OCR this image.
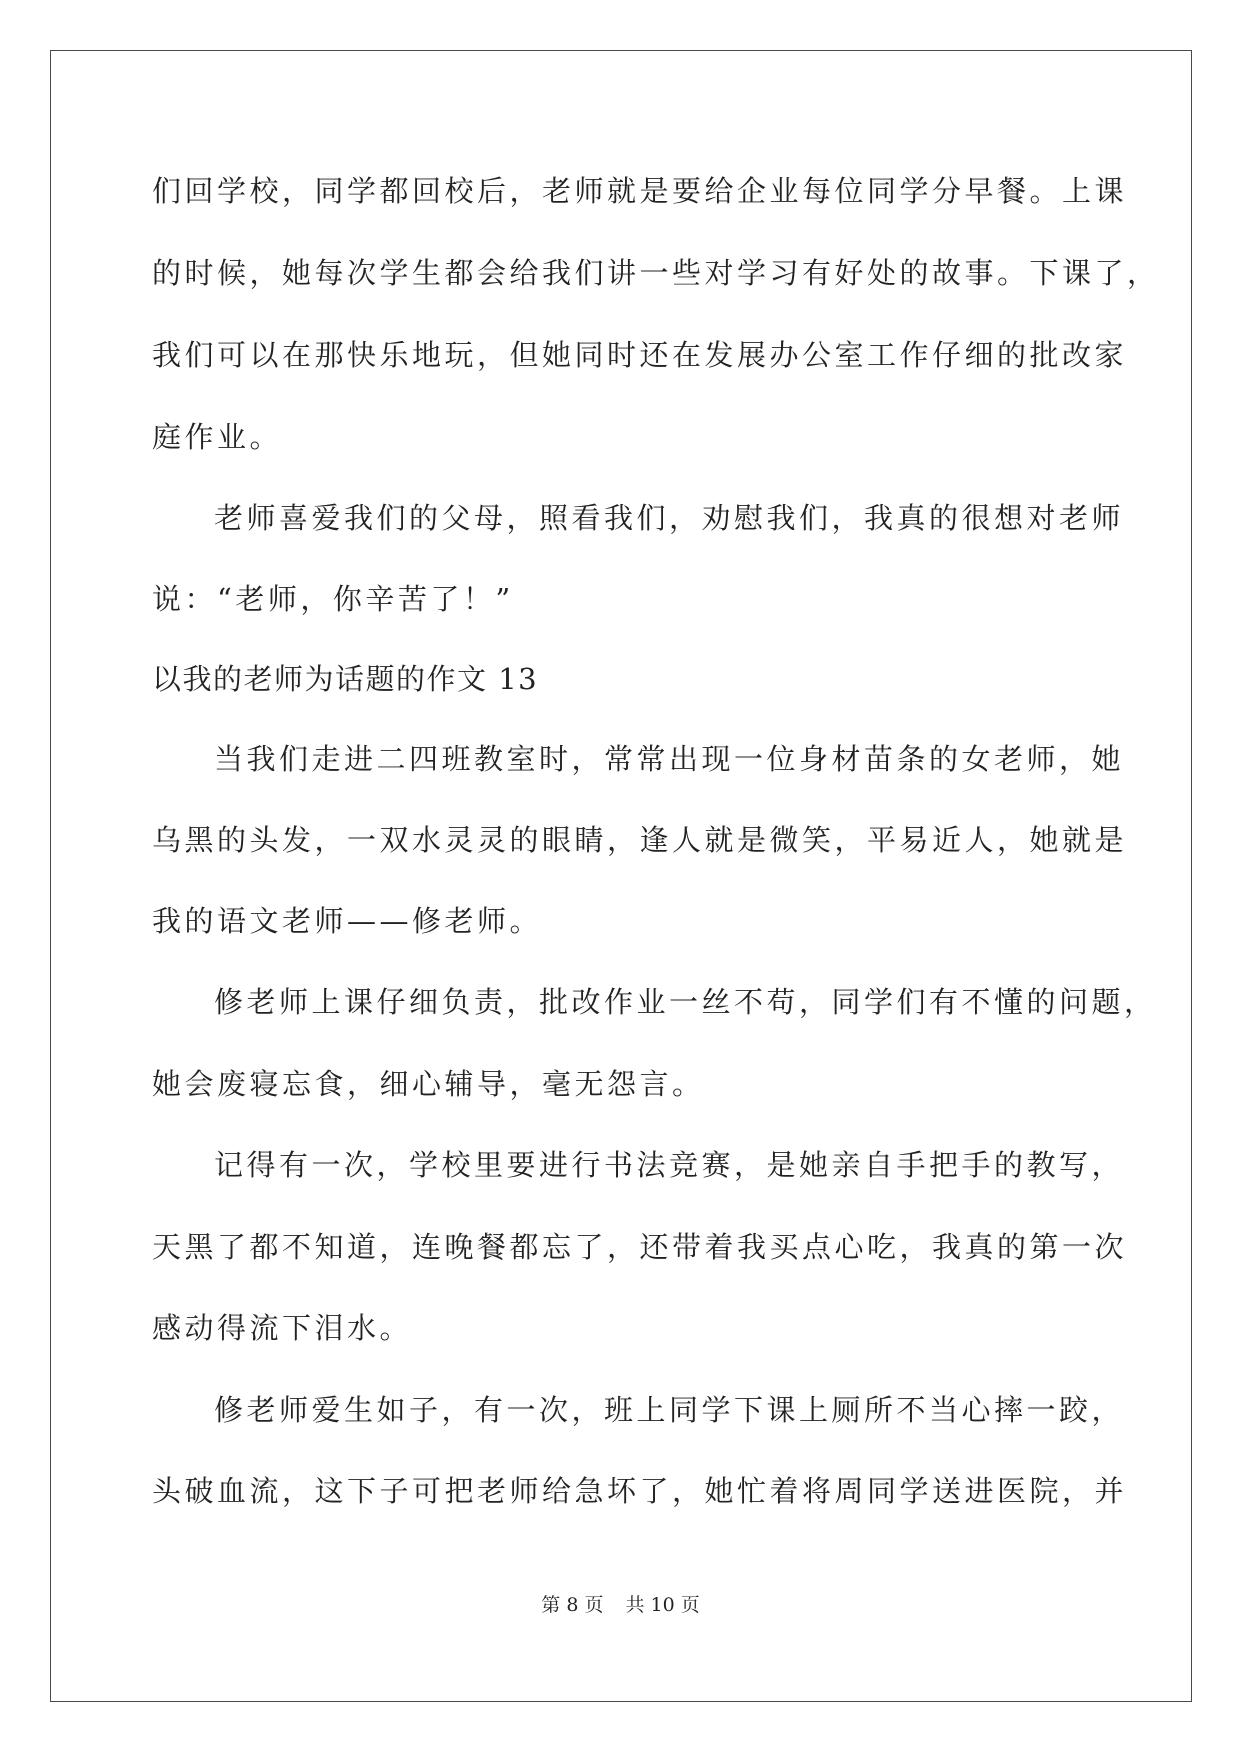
们回学校，同学都回校后，老师就是要给企业每位同学分早餐。上课
的时候，她每次学生都会给我们讲一些对学习有好处的故事。下课了，
我们可以在那快乐地玩，但她同时还在发展办公室工作仔细的批改家
庭作业。
老师喜爱我们的父母，照看我们，劝慰我们，我真的很想对老师
说：“老师，你辛苦了！”
以我的老师为话题的作文 13
当我们走进二四班教室时，常常出现一位身材苗条的女老师，她
乌黑的头发，一双水灵灵的眼睛，逢人就是微笑，平易近人，她就是
我的语文老师——修老师。
修老师上课仔细负责，批改作业一丝不苟，同学们有不懂的问题，
她会废寝忘食，细心辅导，毫无怨言。
记得有一次，学校里要进行书法竞赛，是她亲自手把手的教写，
天黑了都不知道，连晚餐都忘了，还带着我买点心吃，我真的第一次
感动得流下泪水。
修老师爱生如子，有一次，班上同学下课上厕所不当心摔一跤，
头破血流，这下子可把老师给急坏了，她忙着将周同学送进医院，并
第 8 页 共 10 页
